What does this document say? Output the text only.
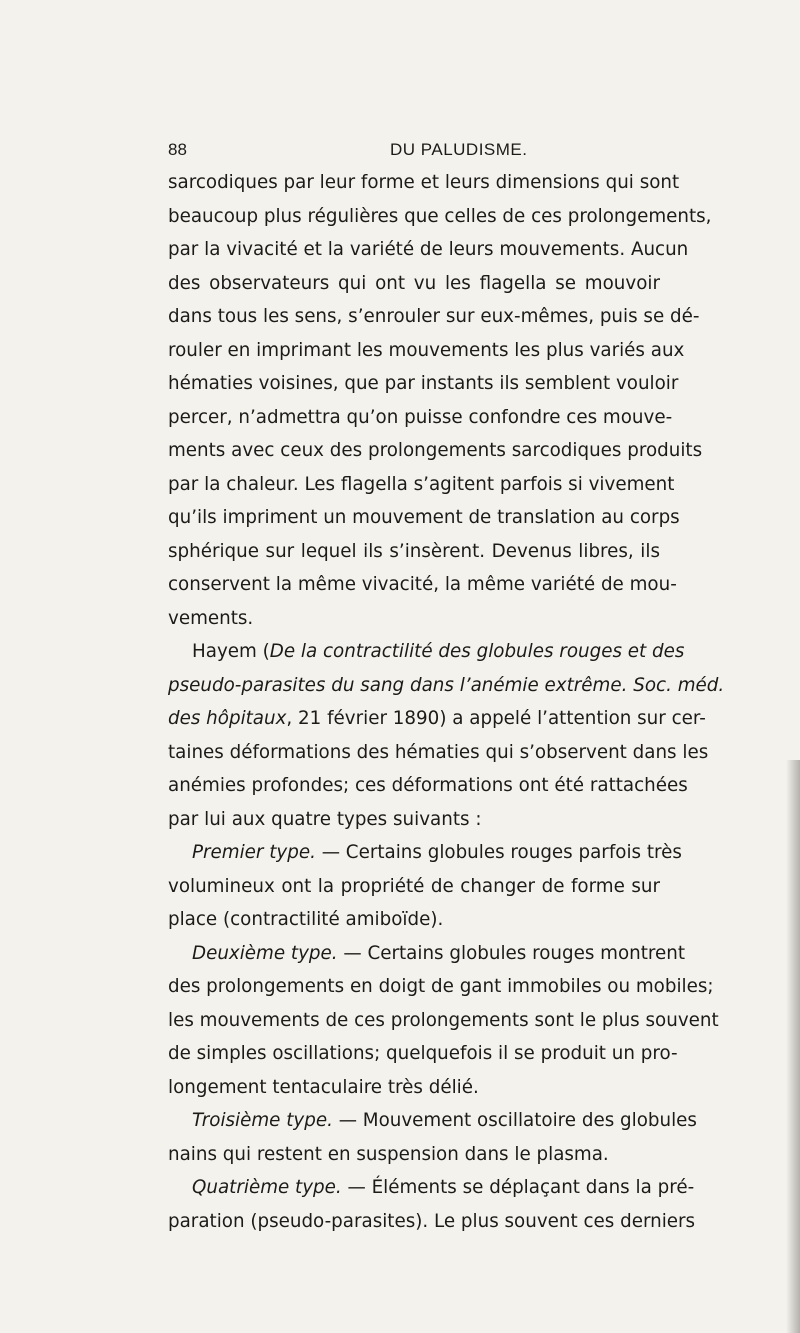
88	DU PALUDISME.
sarcodiques par leur forme et leurs dimensions qui sont
beaucoup plus régulières que celles de ces prolongements,
par la vivacité et la variété de leurs mouvements. Aucun
des observateurs qui ont vu les flagella se mouvoir
dans tous les sens, s’enrouler sur eux-mêmes, puis se dé-
rouler en imprimant les mouvements les plus variés aux
hématies voisines, que par instants ils semblent vouloir
percer, n’admettra qu’on puisse confondre ces mouve-
ments avec ceux des prolongements sarcodiques produits
par la chaleur. Les flagella s’agitent parfois si vivement
qu’ils impriment un mouvement de translation au corps
sphérique sur lequel ils s’insèrent. Devenus libres, ils
conservent la même vivacité, la même variété de mou-
vements.
Hayem (De la contractilité des globules rouges et des
pseudo-parasites du sang dans l’anémie extrême. Soc. méd.
des hôpitaux, 21 février 1890) a appelé l’attention sur cer-
taines déformations des hématies qui s’observent dans les
anémies profondes; ces déformations ont été rattachées
par lui aux quatre types suivants :
Premier type. — Certains globules rouges parfois très
volumineux ont la propriété de changer de forme sur
place (contractilité amiboïde).
Deuxième type. — Certains globules rouges montrent
des prolongements en doigt de gant immobiles ou mobiles;
les mouvements de ces prolongements sont le plus souvent
de simples oscillations; quelquefois il se produit un pro-
longement tentaculaire très délié.
Troisième type. — Mouvement oscillatoire des globules
nains qui restent en suspension dans le plasma.
Quatrième type. — Éléments se déplaçant dans la pré-
paration (pseudo-parasites). Le plus souvent ces derniers
